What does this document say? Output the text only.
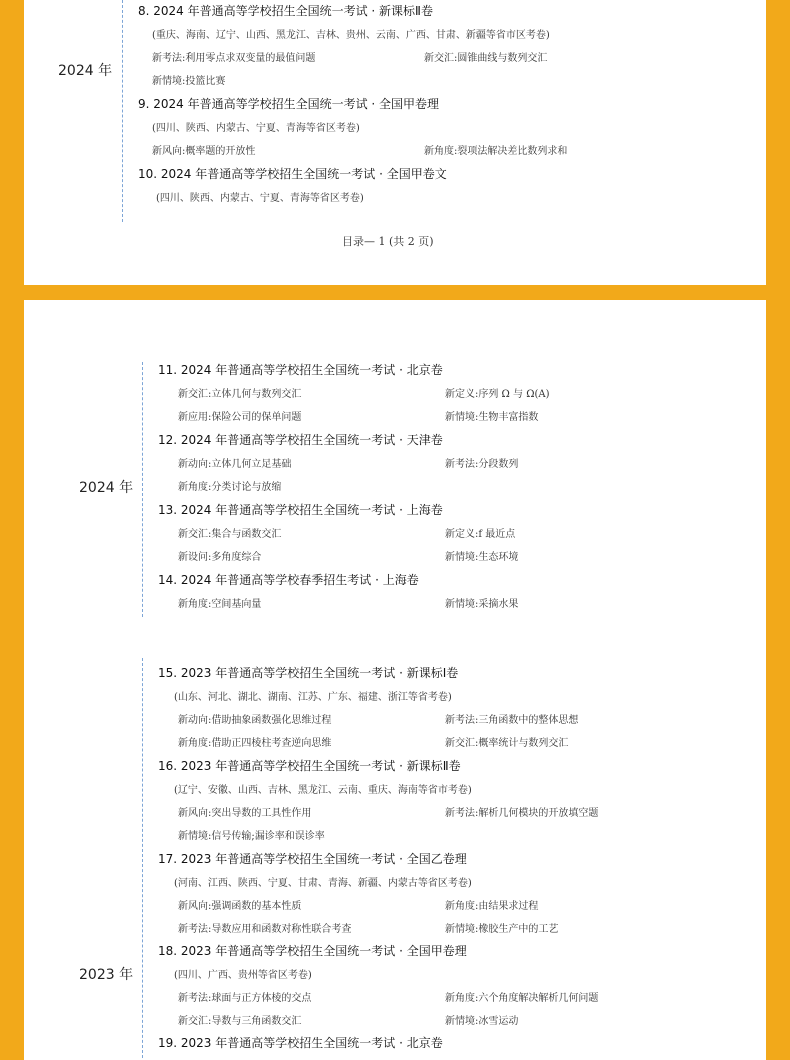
2024 年
8. 2024 年普通高等学校招生全国统一考试 · 新课标Ⅱ卷
(重庆、海南、辽宁、山西、黑龙江、吉林、贵州、云南、广西、甘肃、新疆等省市区考卷)
新考法:利用零点求双变量的最值问题	新交汇:圆锥曲线与数列交汇
新情境:投篮比赛
9. 2024 年普通高等学校招生全国统一考试 · 全国甲卷理
(四川、陕西、内蒙古、宁夏、青海等省区考卷)
新风向:概率题的开放性	新角度:裂项法解决差比数列求和
10. 2024 年普通高等学校招生全国统一考试 · 全国甲卷文
(四川、陕西、内蒙古、宁夏、青海等省区考卷)
目录— 1 (共 2 页)
2024 年
11. 2024 年普通高等学校招生全国统一考试 · 北京卷
新交汇:立体几何与数列交汇	新定义:序列 Ω 与 Ω(A)
新应用:保险公司的保单问题	新情境:生物丰富指数
12. 2024 年普通高等学校招生全国统一考试 · 天津卷
新动向:立体几何立足基础	新考法:分段数列
新角度:分类讨论与放缩
13. 2024 年普通高等学校招生全国统一考试 · 上海卷
新交汇:集合与函数交汇	新定义:f 最近点
新设问:多角度综合	新情境:生态环境
14. 2024 年普通高等学校春季招生考试 · 上海卷
新角度:空间基向量	新情境:采摘水果
2023 年
15. 2023 年普通高等学校招生全国统一考试 · 新课标Ⅰ卷
(山东、河北、湖北、湖南、江苏、广东、福建、浙江等省考卷)
新动向:借助抽象函数强化思维过程	新考法:三角函数中的整体思想
新角度:借助正四棱柱考查逆向思维	新交汇:概率统计与数列交汇
16. 2023 年普通高等学校招生全国统一考试 · 新课标Ⅱ卷
(辽宁、安徽、山西、吉林、黑龙江、云南、重庆、海南等省市考卷)
新风向:突出导数的工具性作用	新考法:解析几何模块的开放填空题
新情境:信号传输;漏诊率和误诊率
17. 2023 年普通高等学校招生全国统一考试 · 全国乙卷理
(河南、江西、陕西、宁夏、甘肃、青海、新疆、内蒙古等省区考卷)
新风向:强调函数的基本性质	新角度:由结果求过程
新考法:导数应用和函数对称性联合考查	新情境:橡胶生产中的工艺
18. 2023 年普通高等学校招生全国统一考试 · 全国甲卷理
(四川、广西、贵州等省区考卷)
新考法:球面与正方体棱的交点	新角度:六个角度解决解析几何问题
新交汇:导数与三角函数交汇	新情境:冰雪运动
19. 2023 年普通高等学校招生全国统一考试 · 北京卷
